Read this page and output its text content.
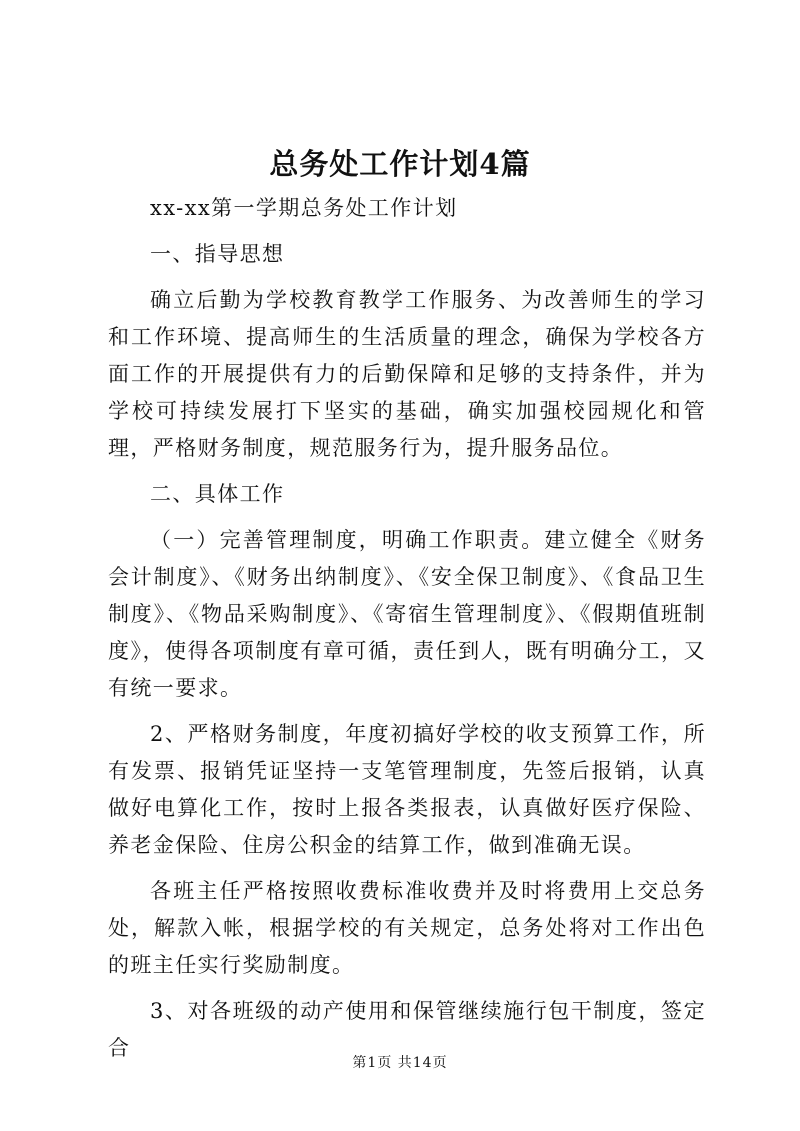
总务处工作计划4篇

xx-xx第一学期总务处工作计划

一、指导思想

确立后勤为学校教育教学工作服务、为改善师生的学习和工作环境、提高师生的生活质量的理念，确保为学校各方面工作的开展提供有力的后勤保障和足够的支持条件，并为学校可持续发展打下坚实的基础，确实加强校园规化和管理，严格财务制度，规范服务行为，提升服务品位。

二、具体工作

（一）完善管理制度，明确工作职责。建立健全《财务会计制度》、《财务出纳制度》、《安全保卫制度》、《食品卫生制度》、《物品采购制度》、《寄宿生管理制度》、《假期值班制度》，使得各项制度有章可循，责任到人，既有明确分工，又有统一要求。

2、严格财务制度，年度初搞好学校的收支预算工作，所有发票、报销凭证坚持一支笔管理制度，先签后报销，认真做好电算化工作，按时上报各类报表，认真做好医疗保险、养老金保险、住房公积金的结算工作，做到准确无误。

各班主任严格按照收费标准收费并及时将费用上交总务处，解款入帐，根据学校的有关规定，总务处将对工作出色的班主任实行奖励制度。

3、对各班级的动产使用和保管继续施行包干制度，签定合

第1页 共14页
